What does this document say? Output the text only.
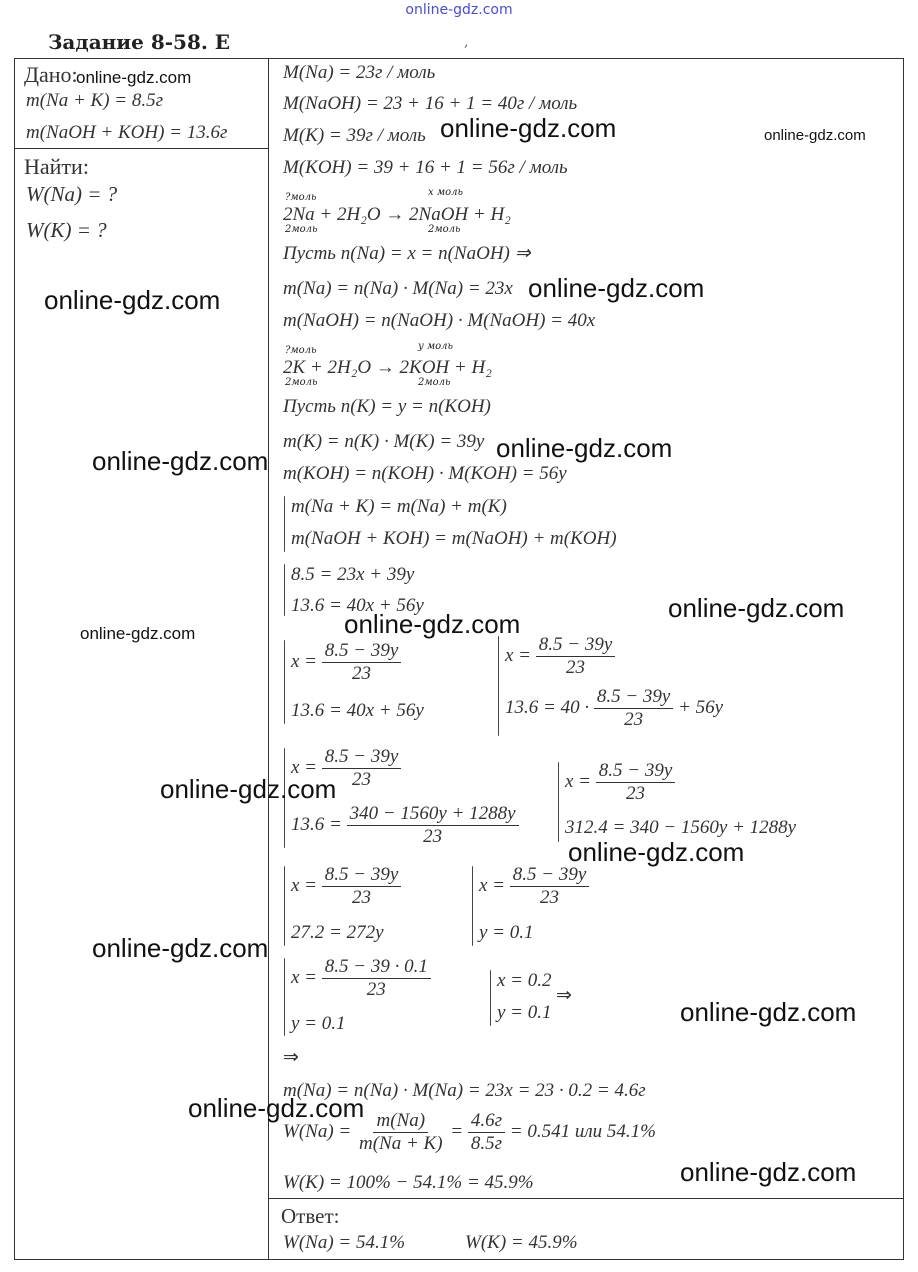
online-gdz.com
Задание 8-58. Е	,
Дано:
m(Na + K) = 8.5г
m(NaOH + KOH) = 13.6г
Найти:
W(Na) = ?
W(K) = ?
M(Na) = 23г / моль
M(NaOH) = 23 + 16 + 1 = 40г / моль
M(K) = 39г / моль
M(KOH) = 39 + 16 + 1 = 56г / моль
?моль	x моль
2Na + 2H₂O → 2NaOH + H₂
2моль	2моль
Пусть n(Na) = x = n(NaOH) ⇒
m(Na) = n(Na) · M(Na) = 23x
m(NaOH) = n(NaOH) · M(NaOH) = 40x
?моль	y моль
2K + 2H₂O → 2KOH + H₂
2моль	2моль
Пусть n(K) = y = n(KOH)
m(K) = n(K) · M(K) = 39y
m(KOH) = n(KOH) · M(KOH) = 56y
m(Na + K) = m(Na) + m(K)
m(NaOH + KOH) = m(NaOH) + m(KOH)
8.5 = 23x + 39y
13.6 = 40x + 56y
$x = \frac{8.5 - 39y}{23}$
13.6 = 40x + 56y
$x = \frac{8.5 - 39y}{23}$
$13.6 = 40 \cdot \frac{8.5 - 39y}{23} + 56y$
$x = \frac{8.5 - 39y}{23}$
$13.6 = \frac{340 - 1560y + 1288y}{23}$
$x = \frac{8.5 - 39y}{23}$
312.4 = 340 − 1560y + 1288y
$x = \frac{8.5 - 39y}{23}$
27.2 = 272y
$x = \frac{8.5 - 39y}{23}$
y = 0.1
$x = \frac{8.5 - 39 \cdot 0.1}{23}$
y = 0.1
x = 0.2
y = 0.1
⇒
⇒
m(Na) = n(Na) · M(Na) = 23x = 23 · 0.2 = 4.6г
$W(Na) = \frac{m(Na)}{m(Na + K)} = \frac{4.6г}{8.5г} = 0.541$ или 54.1%
W(K) = 100% − 54.1% = 45.9%
Ответ:
W(Na) = 54.1%	W(K) = 45.9%
online-gdz.com
online-gdz.com	online-gdz.com
online-gdz.com	online-gdz.com
online-gdz.com
online-gdz.com
online-gdz.com
online-gdz.com
online-gdz.com
online-gdz.com
online-gdz.com
online-gdz.com
online-gdz.com
online-gdz.com
online-gdz.com
